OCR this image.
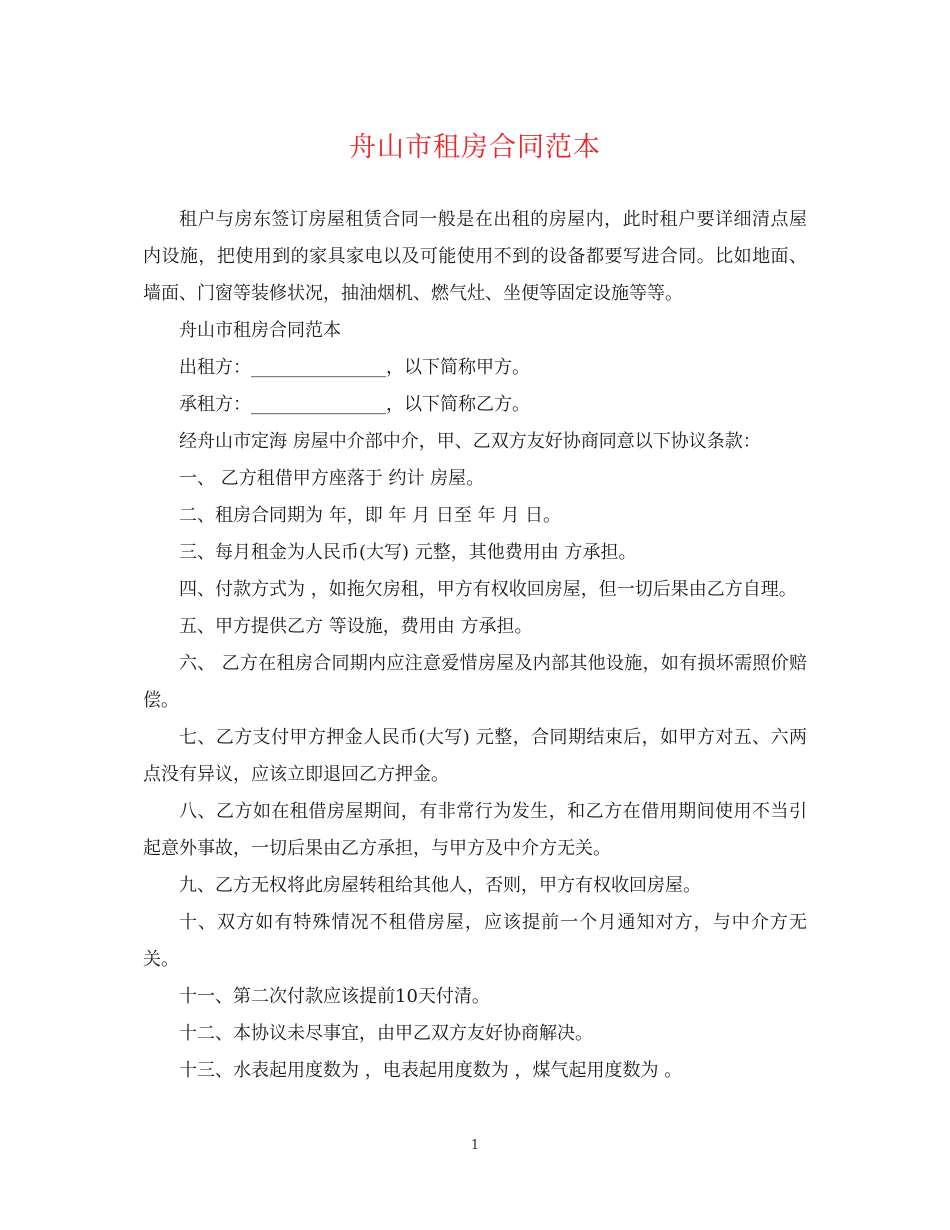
舟山市租房合同范本

租户与房东签订房屋租赁合同一般是在出租的房屋内，此时租户要详细清点屋内设施，把使用到的家具家电以及可能使用不到的设备都要写进合同。比如地面、墙面、门窗等装修状况，抽油烟机、燃气灶、坐便等固定设施等等。

舟山市租房合同范本

出租方：_______________，以下简称甲方。

承租方：_______________，以下简称乙方。

经舟山市定海 房屋中介部中介，甲、乙双方友好协商同意以下协议条款：

一、 乙方租借甲方座落于 约计 房屋。

二、租房合同期为 年，即 年 月 日至 年 月 日。

三、每月租金为人民币(大写) 元整，其他费用由 方承担。

四、付款方式为 ，如拖欠房租，甲方有权收回房屋，但一切后果由乙方自理。

五、甲方提供乙方 等设施，费用由 方承担。

六、 乙方在租房合同期内应注意爱惜房屋及内部其他设施，如有损坏需照价赔偿。

七、乙方支付甲方押金人民币(大写) 元整，合同期结束后，如甲方对五、六两点没有异议，应该立即退回乙方押金。

八、乙方如在租借房屋期间，有非常行为发生，和乙方在借用期间使用不当引起意外事故，一切后果由乙方承担，与甲方及中介方无关。

九、乙方无权将此房屋转租给其他人，否则，甲方有权收回房屋。

十、双方如有特殊情况不租借房屋，应该提前一个月通知对方，与中介方无关。

十一、第二次付款应该提前10天付清。

十二、本协议未尽事宜，由甲乙双方友好协商解决。

十三、水表起用度数为 ，电表起用度数为 ，煤气起用度数为 。

1
